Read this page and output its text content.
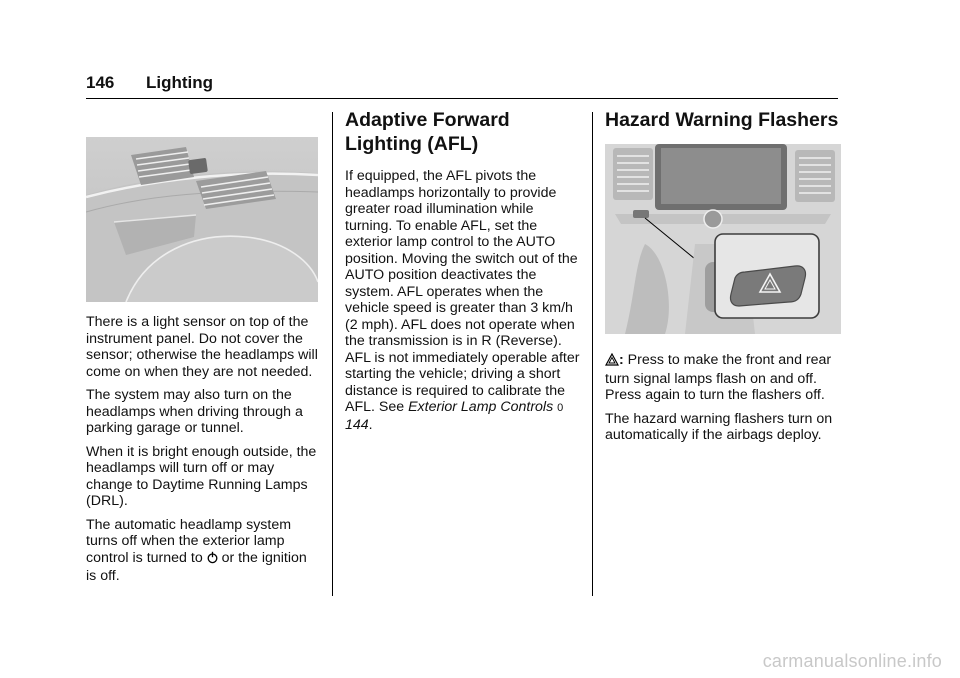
146 Lighting

There is a light sensor on top of the instrument panel. Do not cover the sensor; otherwise the headlamps will come on when they are not needed.

The system may also turn on the headlamps when driving through a parking garage or tunnel.

When it is bright enough outside, the headlamps will turn off or may change to Daytime Running Lamps (DRL).

The automatic headlamp system turns off when the exterior lamp control is turned to  or the ignition is off.

Adaptive Forward Lighting (AFL)

If equipped, the AFL pivots the headlamps horizontally to provide greater road illumination while turning. To enable AFL, set the exterior lamp control to the AUTO position. Moving the switch out of the AUTO position deactivates the system. AFL operates when the vehicle speed is greater than 3 km/h (2 mph). AFL does not operate when the transmission is in R (Reverse). AFL is not immediately operable after starting the vehicle; driving a short distance is required to calibrate the AFL. See Exterior Lamp Controls 0 144.

Hazard Warning Flashers

: Press to make the front and rear turn signal lamps flash on and off. Press again to turn the flashers off.

The hazard warning flashers turn on automatically if the airbags deploy.

carmanualsonline.info
